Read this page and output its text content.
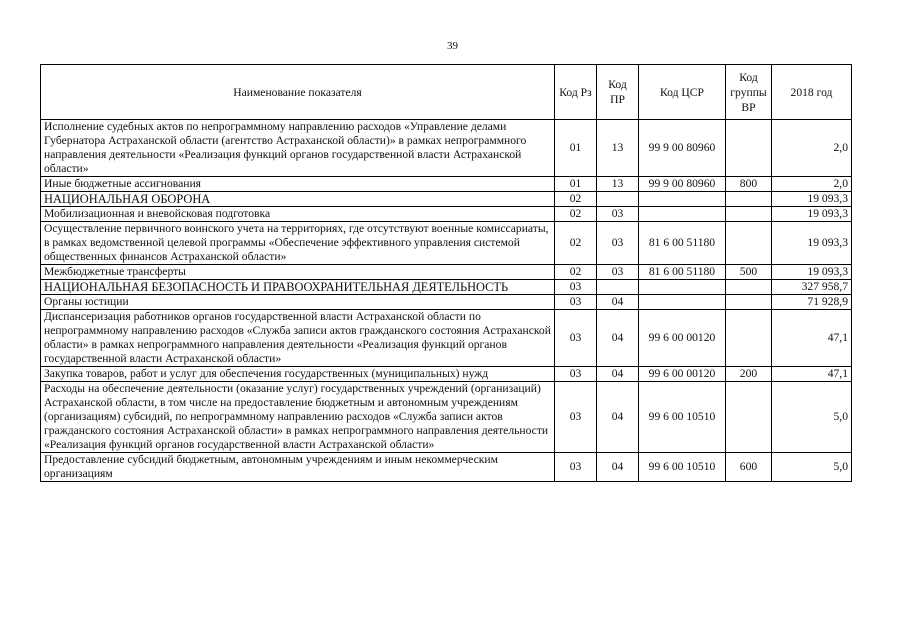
39
Наименование показателя	Код Рз	Код ПР	Код ЦСР	Код группы ВР	2018 год
Исполнение судебных актов по непрограммному направлению расходов «Управление делами Губернатора Астраханской области (агентство Астраханской области)» в рамках непрограммного направления деятельности «Реализация функций органов государственной власти Астраханской области»	01	13	99 9 00 80960		2,0
Иные бюджетные ассигнования	01	13	99 9 00 80960	800	2,0
НАЦИОНАЛЬНАЯ ОБОРОНА	02				19 093,3
Мобилизационная и вневойсковая подготовка	02	03			19 093,3
Осуществление первичного воинского учета на территориях, где отсутствуют военные комиссариаты, в рамках ведомственной целевой программы «Обеспечение эффективного управления системой общественных финансов Астраханской области»	02	03	81 6 00 51180		19 093,3
Межбюджетные трансферты	02	03	81 6 00 51180	500	19 093,3
НАЦИОНАЛЬНАЯ БЕЗОПАСНОСТЬ И ПРАВООХРАНИТЕЛЬНАЯ ДЕЯТЕЛЬНОСТЬ	03				327 958,7
Органы юстиции	03	04			71 928,9
Диспансеризация работников органов государственной власти Астраханской области по непрограммному направлению расходов «Служба записи актов гражданского состояния Астраханской области» в рамках непрограммного направления деятельности «Реализация функций органов государственной власти Астраханской области»	03	04	99 6 00 00120		47,1
Закупка товаров, работ и услуг для обеспечения государственных (муниципальных) нужд	03	04	99 6 00 00120	200	47,1
Расходы на обеспечение деятельности (оказание услуг) государственных учреждений (организаций) Астраханской области, в том числе на предоставление бюджетным и автономным учреждениям (организациям) субсидий, по непрограммному направлению расходов «Служба записи актов гражданского состояния Астраханской области» в рамках непрограммного направления деятельности «Реализация функций органов государственной власти Астраханской области»	03	04	99 6 00 10510		5,0
Предоставление субсидий бюджетным, автономным учреждениям и иным некоммерческим организациям	03	04	99 6 00 10510	600	5,0
